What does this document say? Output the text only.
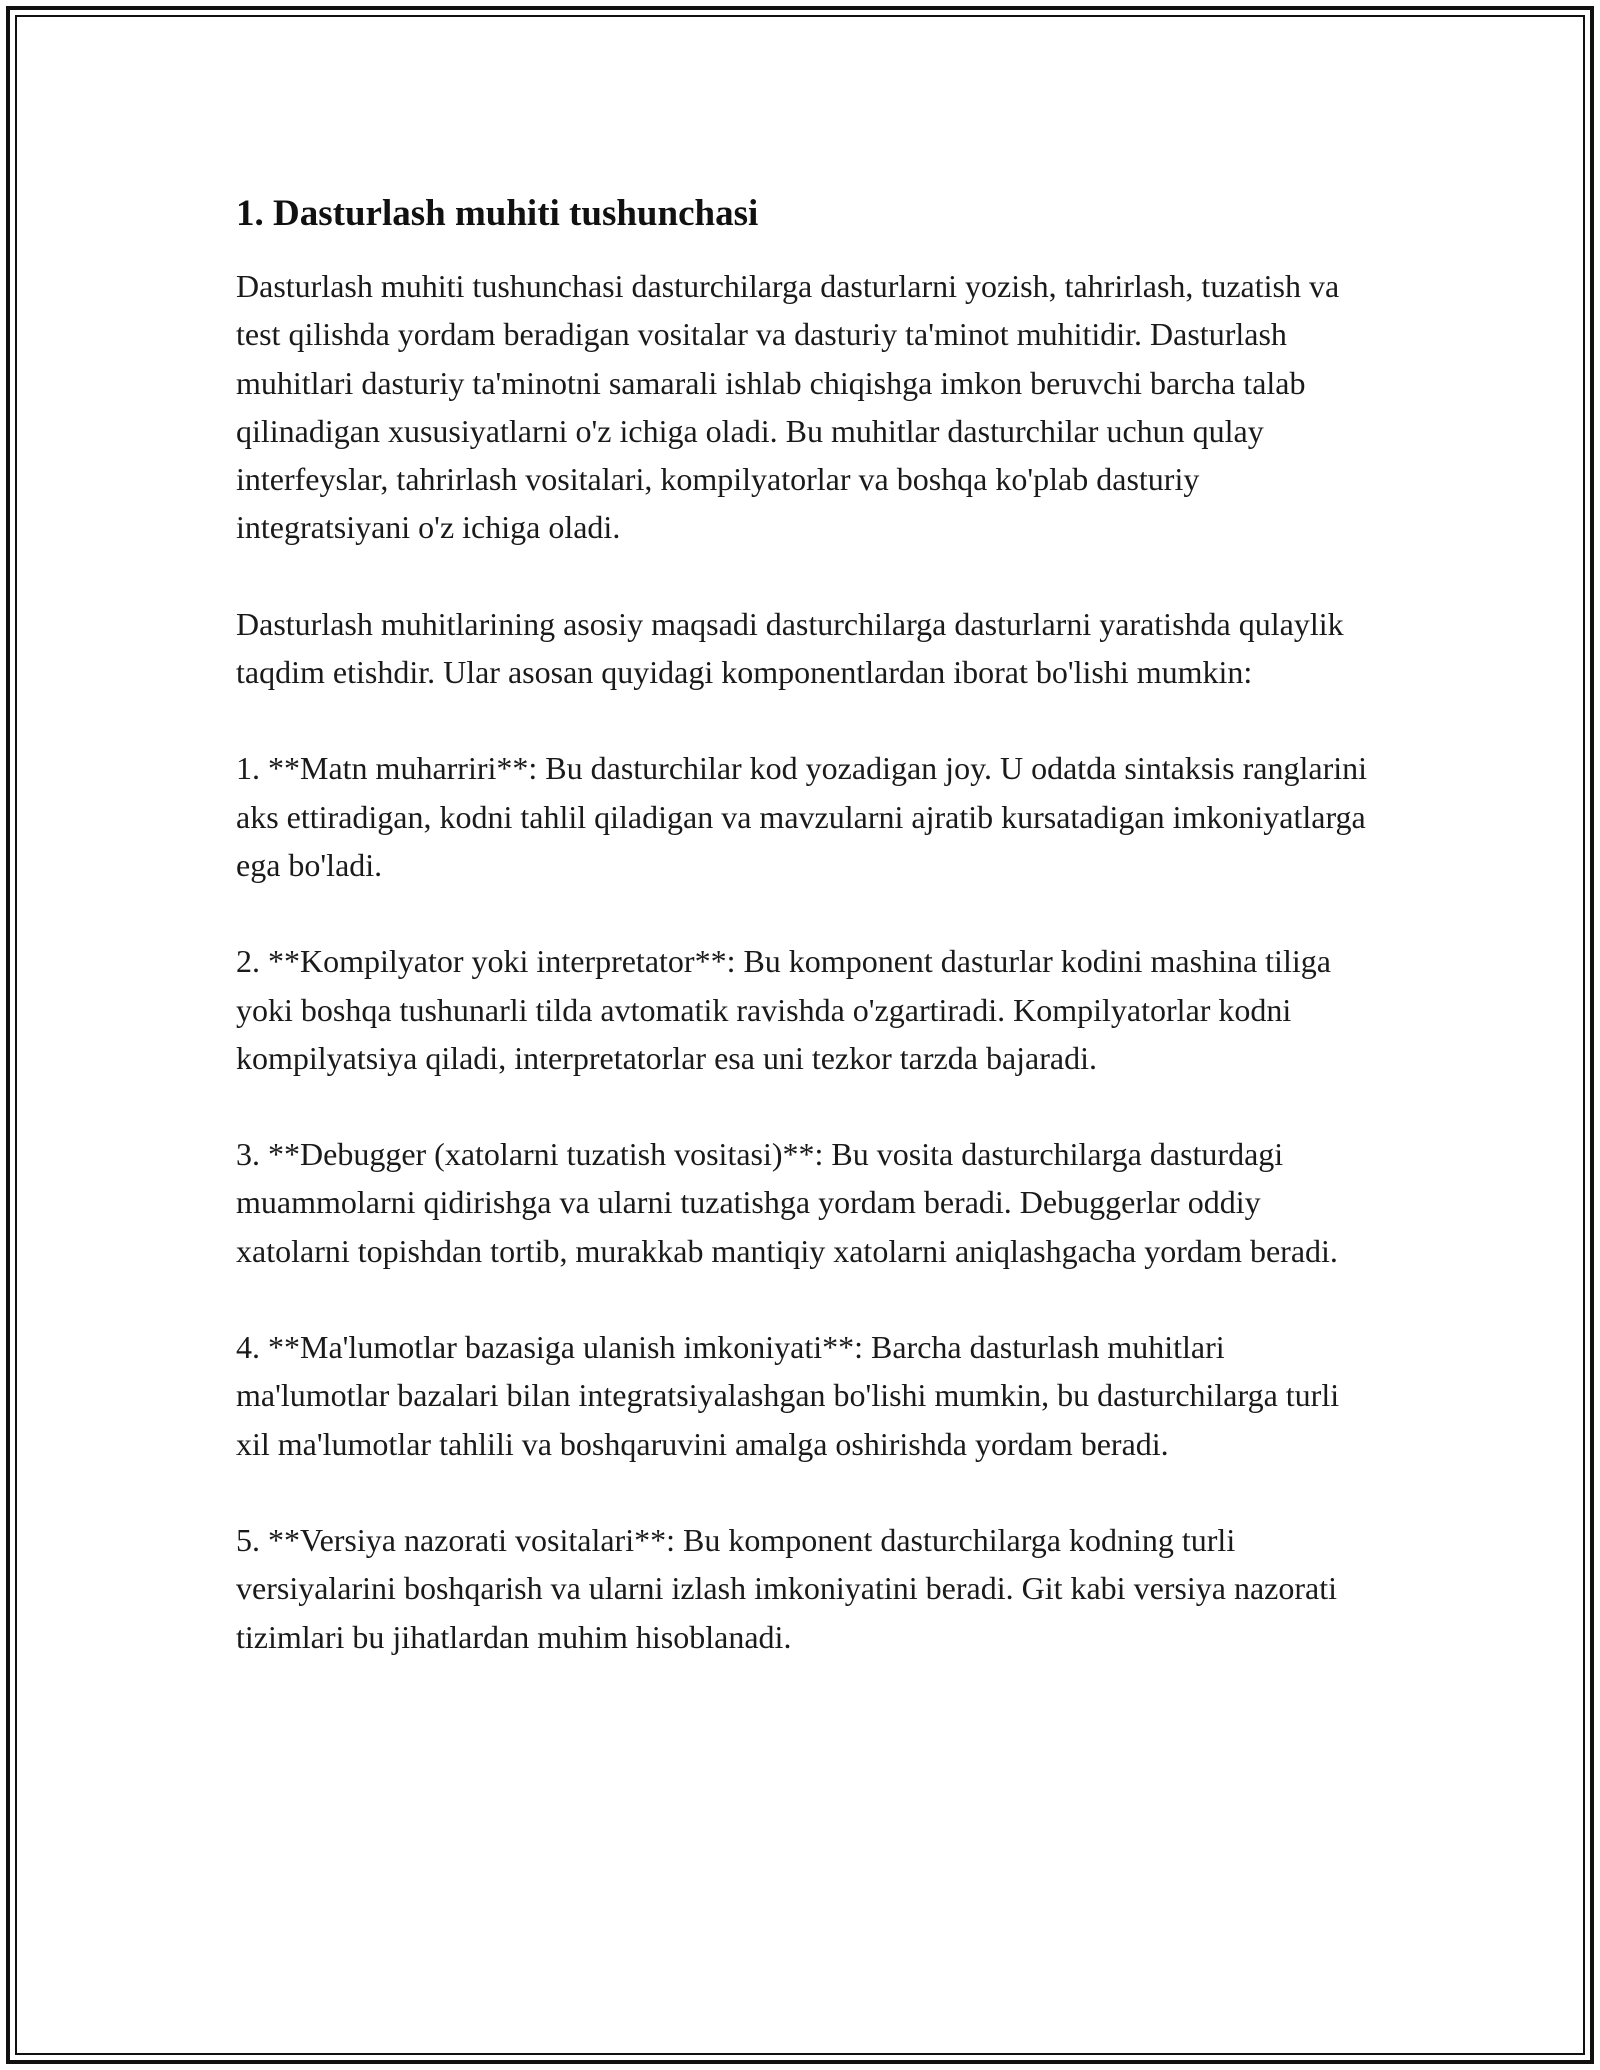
1. Dasturlash muhiti tushunchasi

Dasturlash muhiti tushunchasi dasturchilarga dasturlarni yozish, tahrirlash, tuzatish va test qilishda yordam beradigan vositalar va dasturiy ta'minot muhitidir. Dasturlash muhitlari dasturiy ta'minotni samarali ishlab chiqishga imkon beruvchi barcha talab qilinadigan xususiyatlarni o'z ichiga oladi. Bu muhitlar dasturchilar uchun qulay interfeyslar, tahrirlash vositalari, kompilyatorlar va boshqa ko'plab dasturiy integratsiyani o'z ichiga oladi.

Dasturlash muhitlarining asosiy maqsadi dasturchilarga dasturlarni yaratishda qulaylik taqdim etishdir. Ular asosan quyidagi komponentlardan iborat bo'lishi mumkin:

1. **Matn muharriri**: Bu dasturchilar kod yozadigan joy. U odatda sintaksis ranglarini aks ettiradigan, kodni tahlil qiladigan va mavzularni ajratib kursatadigan imkoniyatlarga ega bo'ladi.

2. **Kompilyator yoki interpretator**: Bu komponent dasturlar kodini mashina tiliga yoki boshqa tushunarli tilda avtomatik ravishda o'zgartiradi. Kompilyatorlar kodni kompilyatsiya qiladi, interpretatorlar esa uni tezkor tarzda bajaradi.

3. **Debugger (xatolarni tuzatish vositasi)**: Bu vosita dasturchilarga dasturdagi muammolarni qidirishga va ularni tuzatishga yordam beradi. Debuggerlar oddiy xatolarni topishdan tortib, murakkab mantiqiy xatolarni aniqlashgacha yordam beradi.

4. **Ma'lumotlar bazasiga ulanish imkoniyati**: Barcha dasturlash muhitlari ma'lumotlar bazalari bilan integratsiyalashgan bo'lishi mumkin, bu dasturchilarga turli xil ma'lumotlar tahlili va boshqaruvini amalga oshirishda yordam beradi.

5. **Versiya nazorati vositalari**: Bu komponent dasturchilarga kodning turli versiyalarini boshqarish va ularni izlash imkoniyatini beradi. Git kabi versiya nazorati tizimlari bu jihatlardan muhim hisoblanadi.
